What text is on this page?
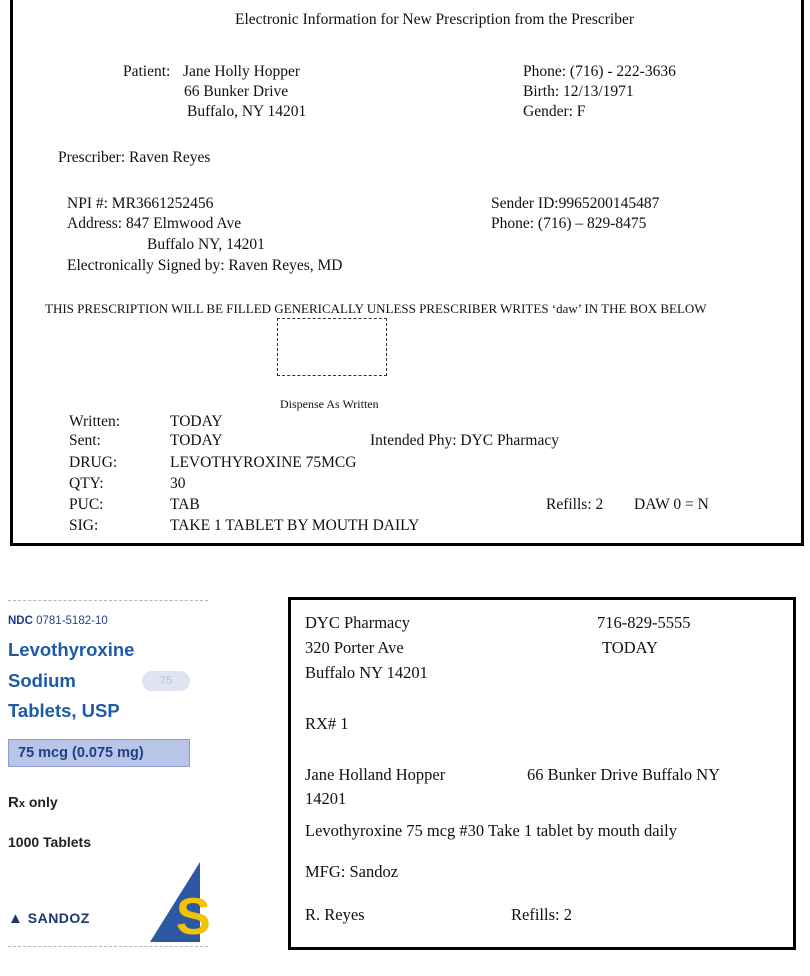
Electronic Information for New Prescription from the Prescriber
Patient: Jane Holly Hopper
66 Bunker Drive
Buffalo, NY 14201
Phone: (716) - 222-3636
Birth: 12/13/1971
Gender: F
Prescriber: Raven Reyes
NPI #: MR3661252456
Address: 847 Elmwood Ave
Buffalo NY, 14201
Electronically Signed by: Raven Reyes, MD
Sender ID:9965200145487
Phone: (716) – 829-8475
THIS PRESCRIPTION WILL BE FILLED GENERICALLY UNLESS PRESCRIBER WRITES ‘daw’ IN THE BOX BELOW
Dispense As Written
Written:	TODAY
Sent:	TODAY	Intended Phy: DYC Pharmacy
DRUG:	LEVOTHYROXINE 75MCG
QTY:	30
PUC:	TAB	Refills: 2 DAW 0 = N
SIG:	TAKE 1 TABLET BY MOUTH DAILY
NDC 0781-5182-10
Levothyroxine
Sodium	75
Tablets, USP
75 mcg (0.075 mg)
Rx only
1000 Tablets
▲ SANDOZ S
DYC Pharmacy	716-829-5555
320 Porter Ave	TODAY
Buffalo NY 14201
RX# 1
Jane Holland Hopper	66 Bunker Drive Buffalo NY
14201
Levothyroxine 75 mcg #30 Take 1 tablet by mouth daily
MFG: Sandoz
R. Reyes	Refills: 2
